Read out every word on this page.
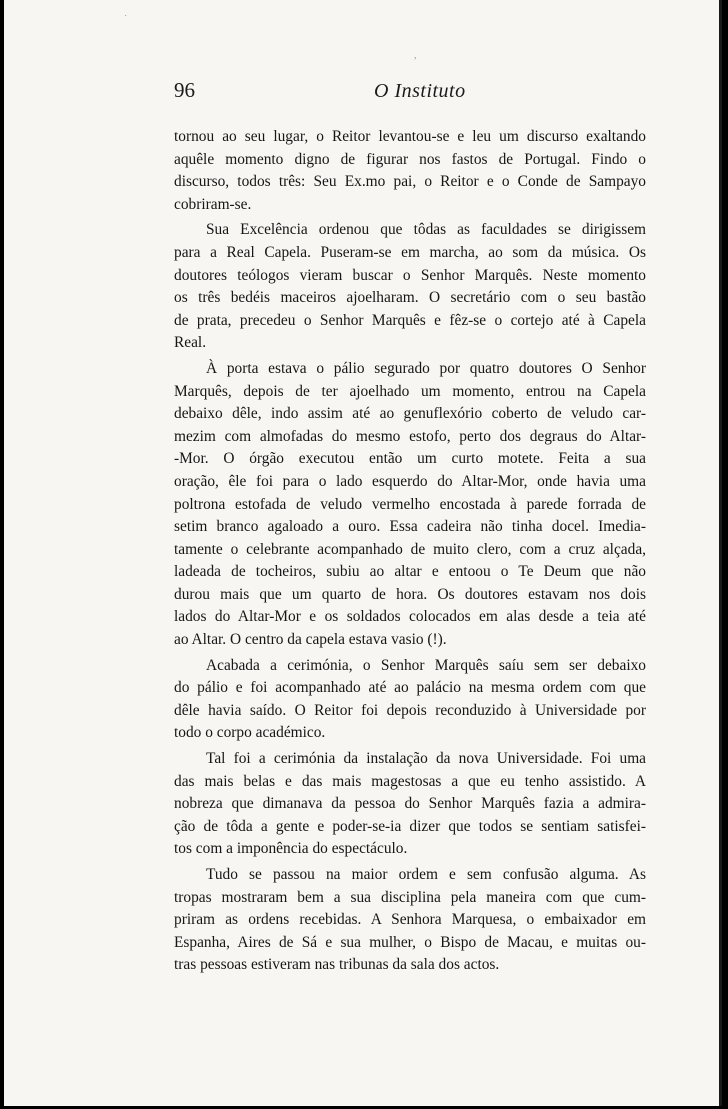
˙
,
96	O Instituto

tornou ao seu lugar, o Reitor levantou-se e leu um discurso exaltando
aquêle momento digno de figurar nos fastos de Portugal. Findo o
discurso, todos três: Seu Ex.mo pai, o Reitor e o Conde de Sampayo
cobriram-se.

Sua Excelência ordenou que tôdas as faculdades se dirigissem
para a Real Capela. Puseram-se em marcha, ao som da música. Os
doutores teólogos vieram buscar o Senhor Marquês. Neste momento
os três bedéis maceiros ajoelharam. O secretário com o seu bastão
de prata, precedeu o Senhor Marquês e fêz-se o cortejo até à Capela
Real.

À porta estava o pálio segurado por quatro doutores O Senhor
Marquês, depois de ter ajoelhado um momento, entrou na Capela
debaixo dêle, indo assim até ao genuflexório coberto de veludo car-
mezim com almofadas do mesmo estofo, perto dos degraus do Altar-
-Mor. O órgão executou então um curto motete. Feita a sua
oração, êle foi para o lado esquerdo do Altar-Mor, onde havia uma
poltrona estofada de veludo vermelho encostada à parede forrada de
setim branco agaloado a ouro. Essa cadeira não tinha docel. Imedia-
tamente o celebrante acompanhado de muito clero, com a cruz alçada,
ladeada de tocheiros, subiu ao altar e entoou o Te Deum que não
durou mais que um quarto de hora. Os doutores estavam nos dois
lados do Altar-Mor e os soldados colocados em alas desde a teia até
ao Altar. O centro da capela estava vasio (!).

Acabada a cerimónia, o Senhor Marquês saíu sem ser debaixo
do pálio e foi acompanhado até ao palácio na mesma ordem com que
dêle havia saído. O Reitor foi depois reconduzido à Universidade por
todo o corpo académico.

Tal foi a cerimónia da instalação da nova Universidade. Foi uma
das mais belas e das mais magestosas a que eu tenho assistido. A
nobreza que dimanava da pessoa do Senhor Marquês fazia a admira-
ção de tôda a gente e poder-se-ia dizer que todos se sentiam satisfei-
tos com a imponência do espectáculo.

Tudo se passou na maior ordem e sem confusão alguma. As
tropas mostraram bem a sua disciplina pela maneira com que cum-
priram as ordens recebidas. A Senhora Marquesa, o embaixador em
Espanha, Aires de Sá e sua mulher, o Bispo de Macau, e muitas ou-
tras pessoas estiveram nas tribunas da sala dos actos.
